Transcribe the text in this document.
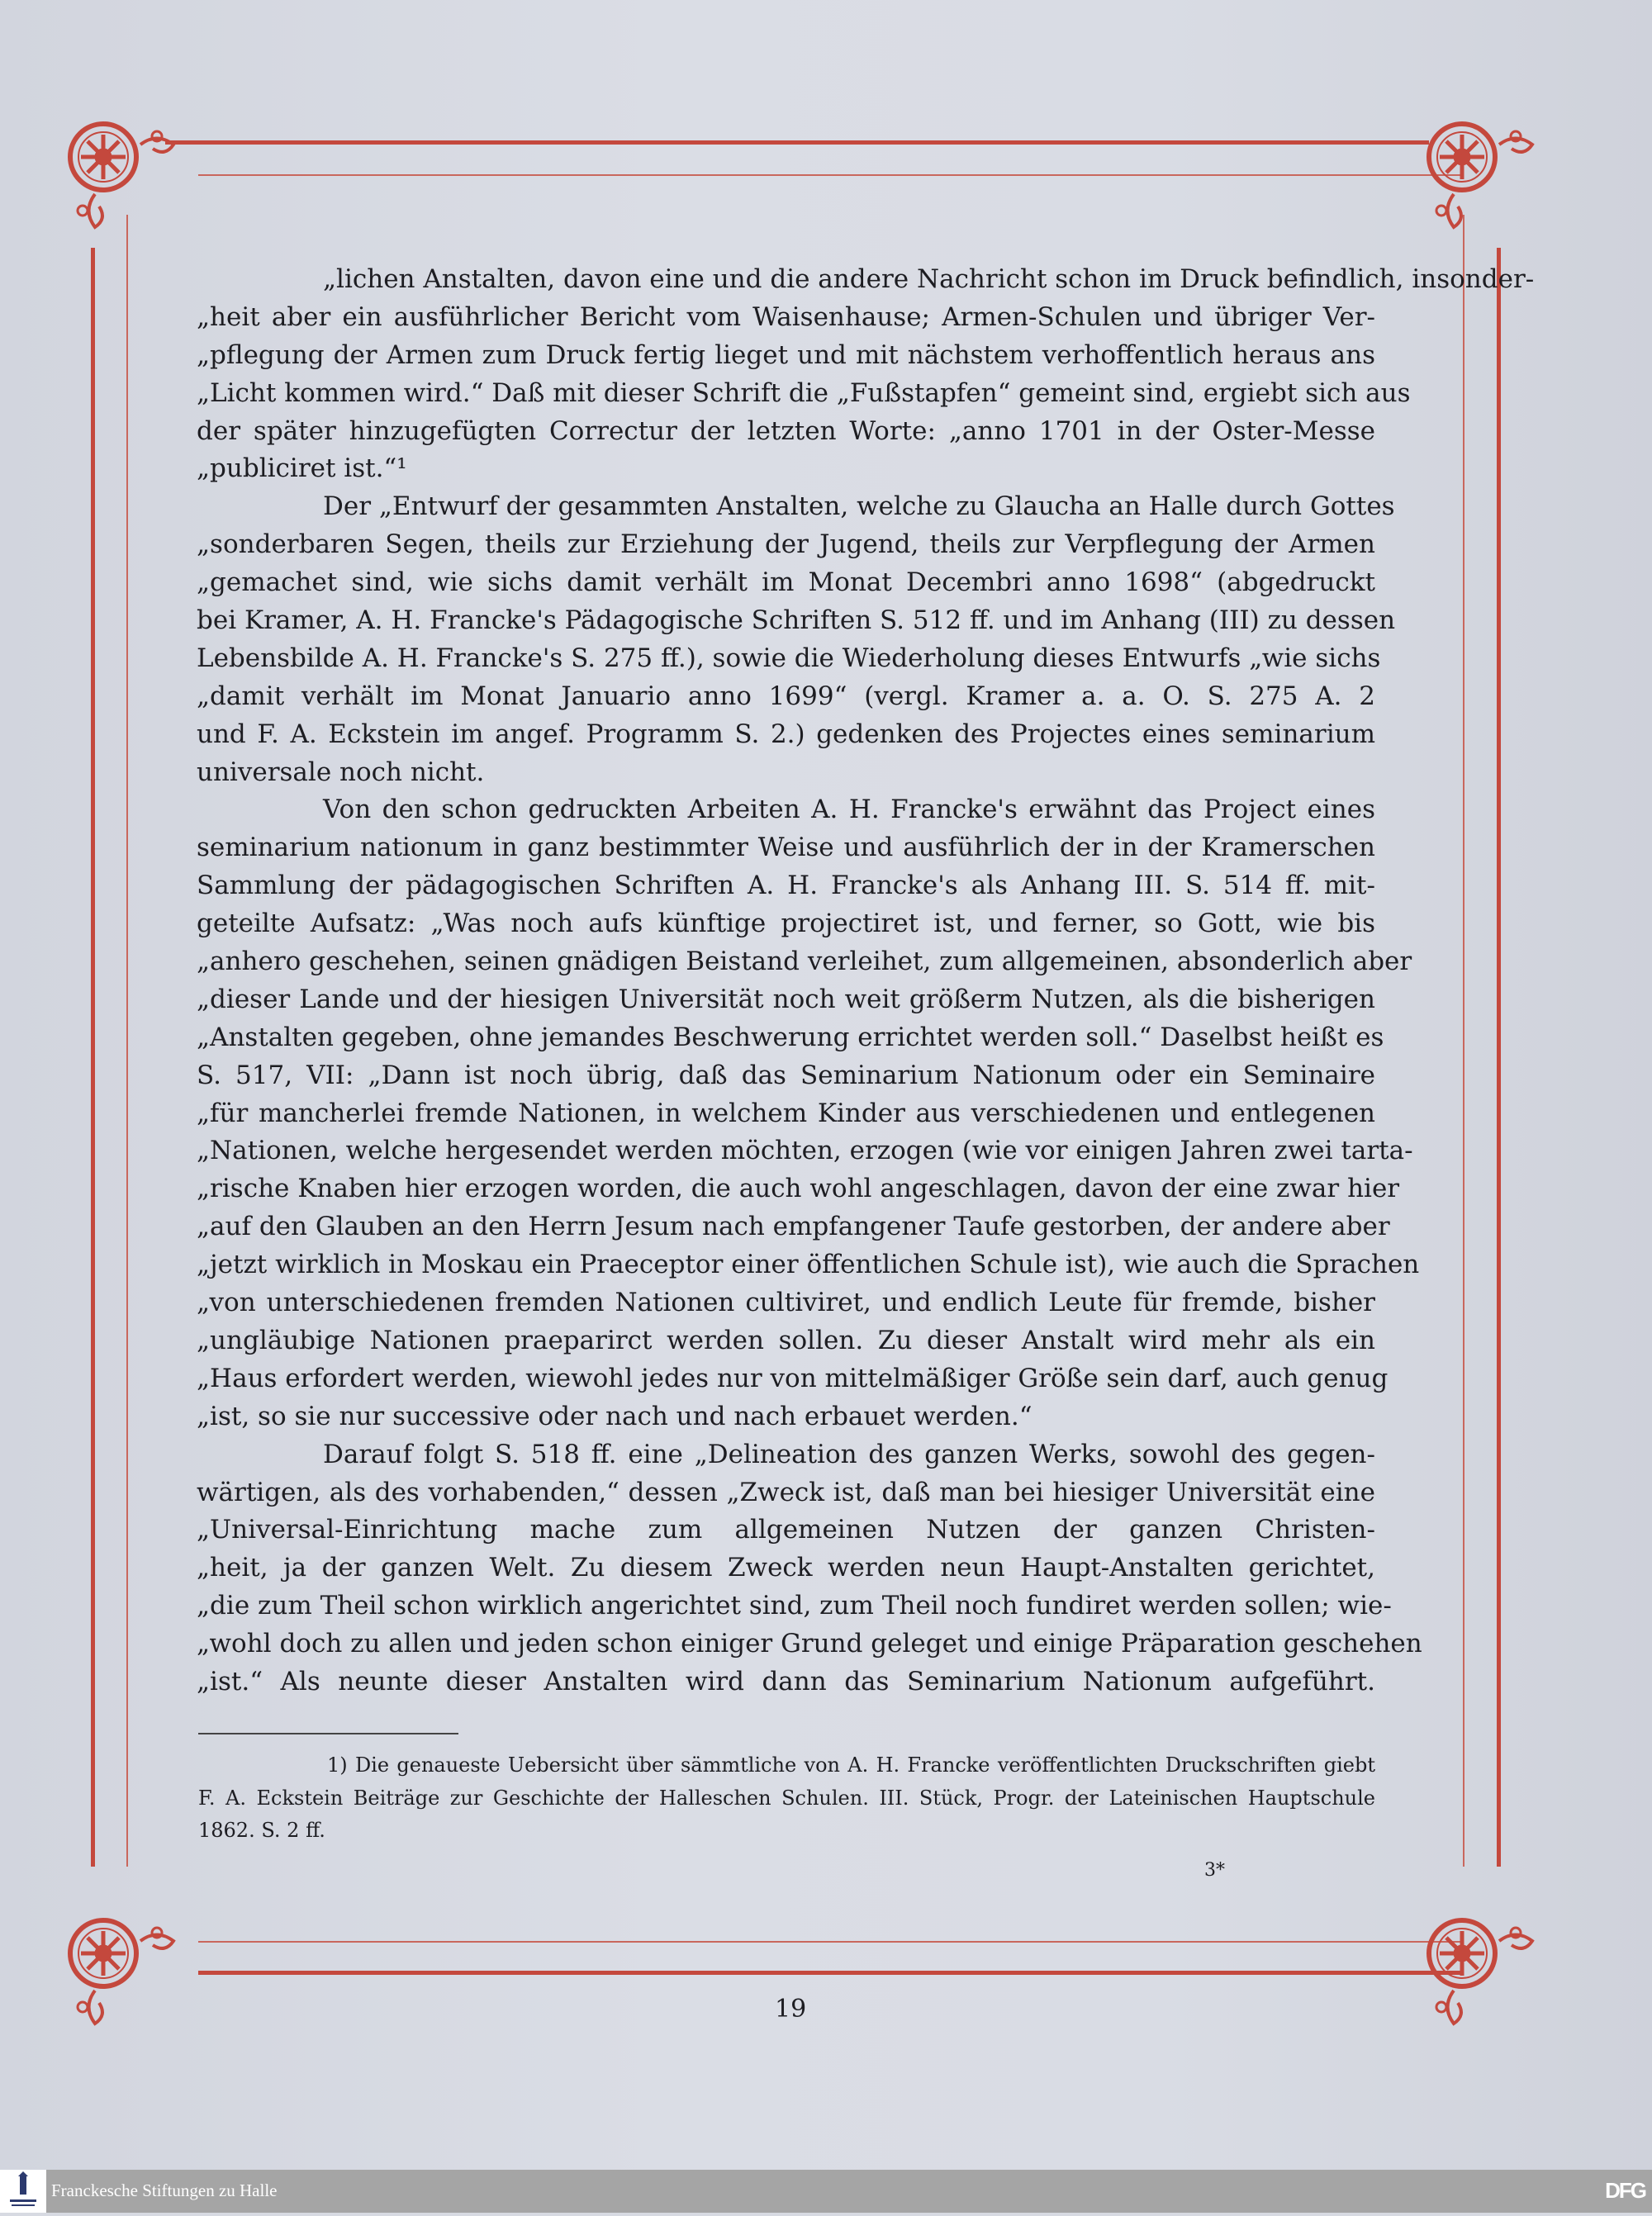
„lichen Anstalten, davon eine und die andere Nachricht schon im Druck befindlich, insonder-
„heit aber ein ausführlicher Bericht vom Waisenhause; Armen-Schulen und übriger Ver-
„pflegung der Armen zum Druck fertig lieget und mit nächstem verhoffentlich heraus ans
„Licht kommen wird.“ Daß mit dieser Schrift die „Fußstapfen“ gemeint sind, ergiebt sich aus
der später hinzugefügten Correctur der letzten Worte: „anno 1701 in der Oster-Messe
„publiciret ist.“¹
Der „Entwurf der gesammten Anstalten, welche zu Glaucha an Halle durch Gottes
„sonderbaren Segen, theils zur Erziehung der Jugend, theils zur Verpflegung der Armen
„gemachet sind, wie sichs damit verhält im Monat Decembri anno 1698“ (abgedruckt
bei Kramer, A. H. Francke's Pädagogische Schriften S. 512 ff. und im Anhang (III) zu dessen
Lebensbilde A. H. Francke's S. 275 ff.), sowie die Wiederholung dieses Entwurfs „wie sichs
„damit verhält im Monat Januario anno 1699“ (vergl. Kramer a. a. O. S. 275 A. 2
und F. A. Eckstein im angef. Programm S. 2.) gedenken des Projectes eines seminarium
universale noch nicht.
Von den schon gedruckten Arbeiten A. H. Francke's erwähnt das Project eines
seminarium nationum in ganz bestimmter Weise und ausführlich der in der Kramerschen
Sammlung der pädagogischen Schriften A. H. Francke's als Anhang III. S. 514 ff. mit-
geteilte Aufsatz: „Was noch aufs künftige projectiret ist, und ferner, so Gott, wie bis
„anhero geschehen, seinen gnädigen Beistand verleihet, zum allgemeinen, absonderlich aber
„dieser Lande und der hiesigen Universität noch weit größerm Nutzen, als die bisherigen
„Anstalten gegeben, ohne jemandes Beschwerung errichtet werden soll.“ Daselbst heißt es
S. 517, VII: „Dann ist noch übrig, daß das Seminarium Nationum oder ein Seminaire
„für mancherlei fremde Nationen, in welchem Kinder aus verschiedenen und entlegenen
„Nationen, welche hergesendet werden möchten, erzogen (wie vor einigen Jahren zwei tarta-
„rische Knaben hier erzogen worden, die auch wohl angeschlagen, davon der eine zwar hier
„auf den Glauben an den Herrn Jesum nach empfangener Taufe gestorben, der andere aber
„jetzt wirklich in Moskau ein Praeceptor einer öffentlichen Schule ist), wie auch die Sprachen
„von unterschiedenen fremden Nationen cultiviret, und endlich Leute für fremde, bisher
„ungläubige Nationen praeparirct werden sollen. Zu dieser Anstalt wird mehr als ein
„Haus erfordert werden, wiewohl jedes nur von mittelmäßiger Größe sein darf, auch genug
„ist, so sie nur successive oder nach und nach erbauet werden.“
Darauf folgt S. 518 ff. eine „Delineation des ganzen Werks, sowohl des gegen-
wärtigen, als des vorhabenden,“ dessen „Zweck ist, daß man bei hiesiger Universität eine
„Universal-Einrichtung mache zum allgemeinen Nutzen der ganzen Christen-
„heit, ja der ganzen Welt. Zu diesem Zweck werden neun Haupt-Anstalten gerichtet,
„die zum Theil schon wirklich angerichtet sind, zum Theil noch fundiret werden sollen; wie-
„wohl doch zu allen und jeden schon einiger Grund geleget und einige Präparation geschehen
„ist.“ Als neunte dieser Anstalten wird dann das Seminarium Nationum aufgeführt.
1) Die genaueste Uebersicht über sämmtliche von A. H. Francke veröffentlichten Druckschriften giebt
F. A. Eckstein Beiträge zur Geschichte der Halleschen Schulen. III. Stück, Progr. der Lateinischen Hauptschule
1862. S. 2 ff.
3*
19
Franckesche Stiftungen zu Halle	DFG
